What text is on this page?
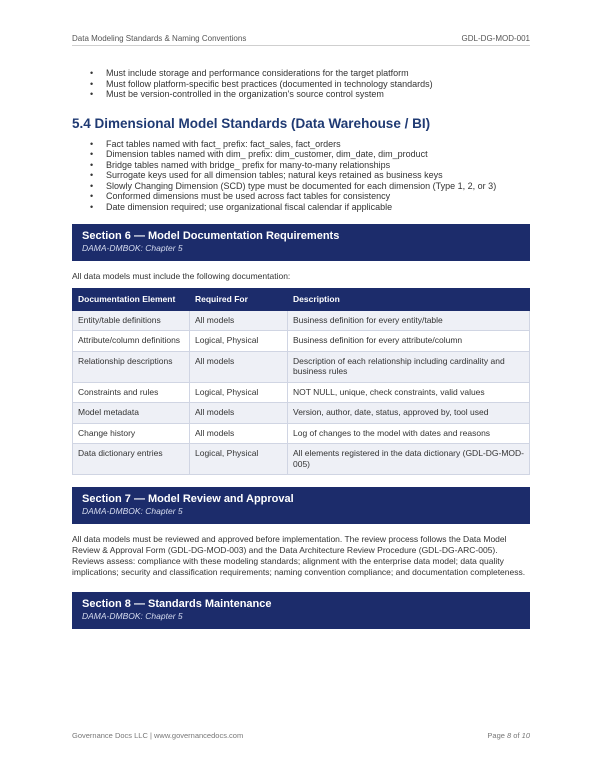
Data Modeling Standards & Naming Conventions	GDL-DG-MOD-001
• Must include storage and performance considerations for the target platform
• Must follow platform-specific best practices (documented in technology standards)
• Must be version-controlled in the organization's source control system
5.4 Dimensional Model Standards (Data Warehouse / BI)
• Fact tables named with fact_ prefix: fact_sales, fact_orders
• Dimension tables named with dim_ prefix: dim_customer, dim_date, dim_product
• Bridge tables named with bridge_ prefix for many-to-many relationships
• Surrogate keys used for all dimension tables; natural keys retained as business keys
• Slowly Changing Dimension (SCD) type must be documented for each dimension (Type 1, 2, or 3)
• Conformed dimensions must be used across fact tables for consistency
• Date dimension required; use organizational fiscal calendar if applicable
Section 6 — Model Documentation Requirements
DAMA-DMBOK: Chapter 5
All data models must include the following documentation:
Documentation Element	Required For	Description
Entity/table definitions	All models	Business definition for every entity/table
Attribute/column definitions	Logical, Physical	Business definition for every attribute/column
Relationship descriptions	All models	Description of each relationship including cardinality and business rules
Constraints and rules	Logical, Physical	NOT NULL, unique, check constraints, valid values
Model metadata	All models	Version, author, date, status, approved by, tool used
Change history	All models	Log of changes to the model with dates and reasons
Data dictionary entries	Logical, Physical	All elements registered in the data dictionary (GDL-DG-MOD-005)
Section 7 — Model Review and Approval
DAMA-DMBOK: Chapter 5
All data models must be reviewed and approved before implementation. The review process follows the Data Model Review & Approval Form (GDL-DG-MOD-003) and the Data Architecture Review Procedure (GDL-DG-ARC-005). Reviews assess: compliance with these modeling standards; alignment with the enterprise data model; data quality implications; security and classification requirements; naming convention compliance; and documentation completeness.
Section 8 — Standards Maintenance
DAMA-DMBOK: Chapter 5
Governance Docs LLC | www.governancedocs.com	Page 8 of 10
